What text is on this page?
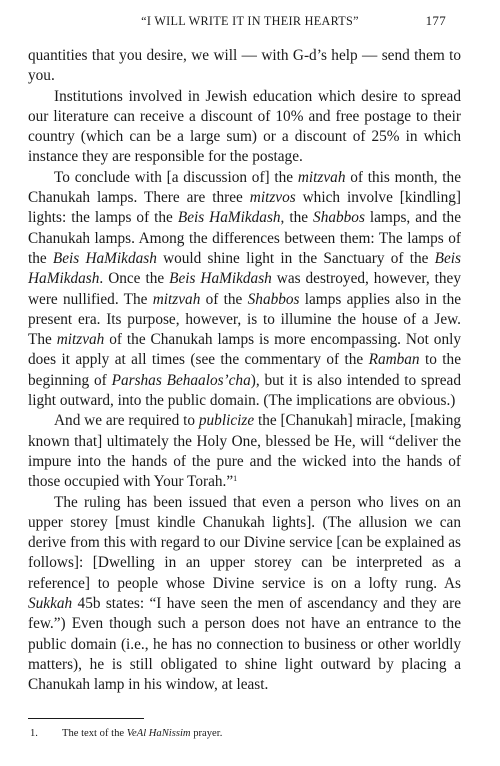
“I WILL WRITE IT IN THEIR HEARTS”	177

quantities that you desire, we will — with G-d’s help — send them to you.

Institutions involved in Jewish education which desire to spread our literature can receive a discount of 10% and free postage to their country (which can be a large sum) or a discount of 25% in which instance they are responsible for the postage.

To conclude with [a discussion of] the mitzvah of this month, the Chanukah lamps. There are three mitzvos which involve [kindling] lights: the lamps of the Beis HaMikdash, the Shabbos lamps, and the Chanukah lamps. Among the differences between them: The lamps of the Beis HaMikdash would shine light in the Sanctuary of the Beis HaMikdash. Once the Beis HaMikdash was destroyed, however, they were nullified. The mitzvah of the Shabbos lamps applies also in the present era. Its purpose, however, is to illumine the house of a Jew. The mitzvah of the Chanukah lamps is more encompassing. Not only does it apply at all times (see the commentary of the Ramban to the beginning of Parshas Behaalos’cha), but it is also intended to spread light outward, into the public domain. (The implications are obvious.)

And we are required to publicize the [Chanukah] miracle, [making known that] ultimately the Holy One, blessed be He, will “deliver the impure into the hands of the pure and the wicked into the hands of those occupied with Your Torah.”$^1$

The ruling has been issued that even a person who lives on an upper storey [must kindle Chanukah lights]. (The allusion we can derive from this with regard to our Divine service [can be explained as follows]: [Dwelling in an upper storey can be interpreted as a reference] to people whose Divine service is on a lofty rung. As Sukkah 45b states: “I have seen the men of ascendancy and they are few.”) Even though such a person does not have an entrance to the public domain (i.e., he has no connection to business or other worldly matters), he is still obligated to shine light outward by placing a Chanukah lamp in his window, at least.

1. The text of the VeAl HaNissim prayer.
